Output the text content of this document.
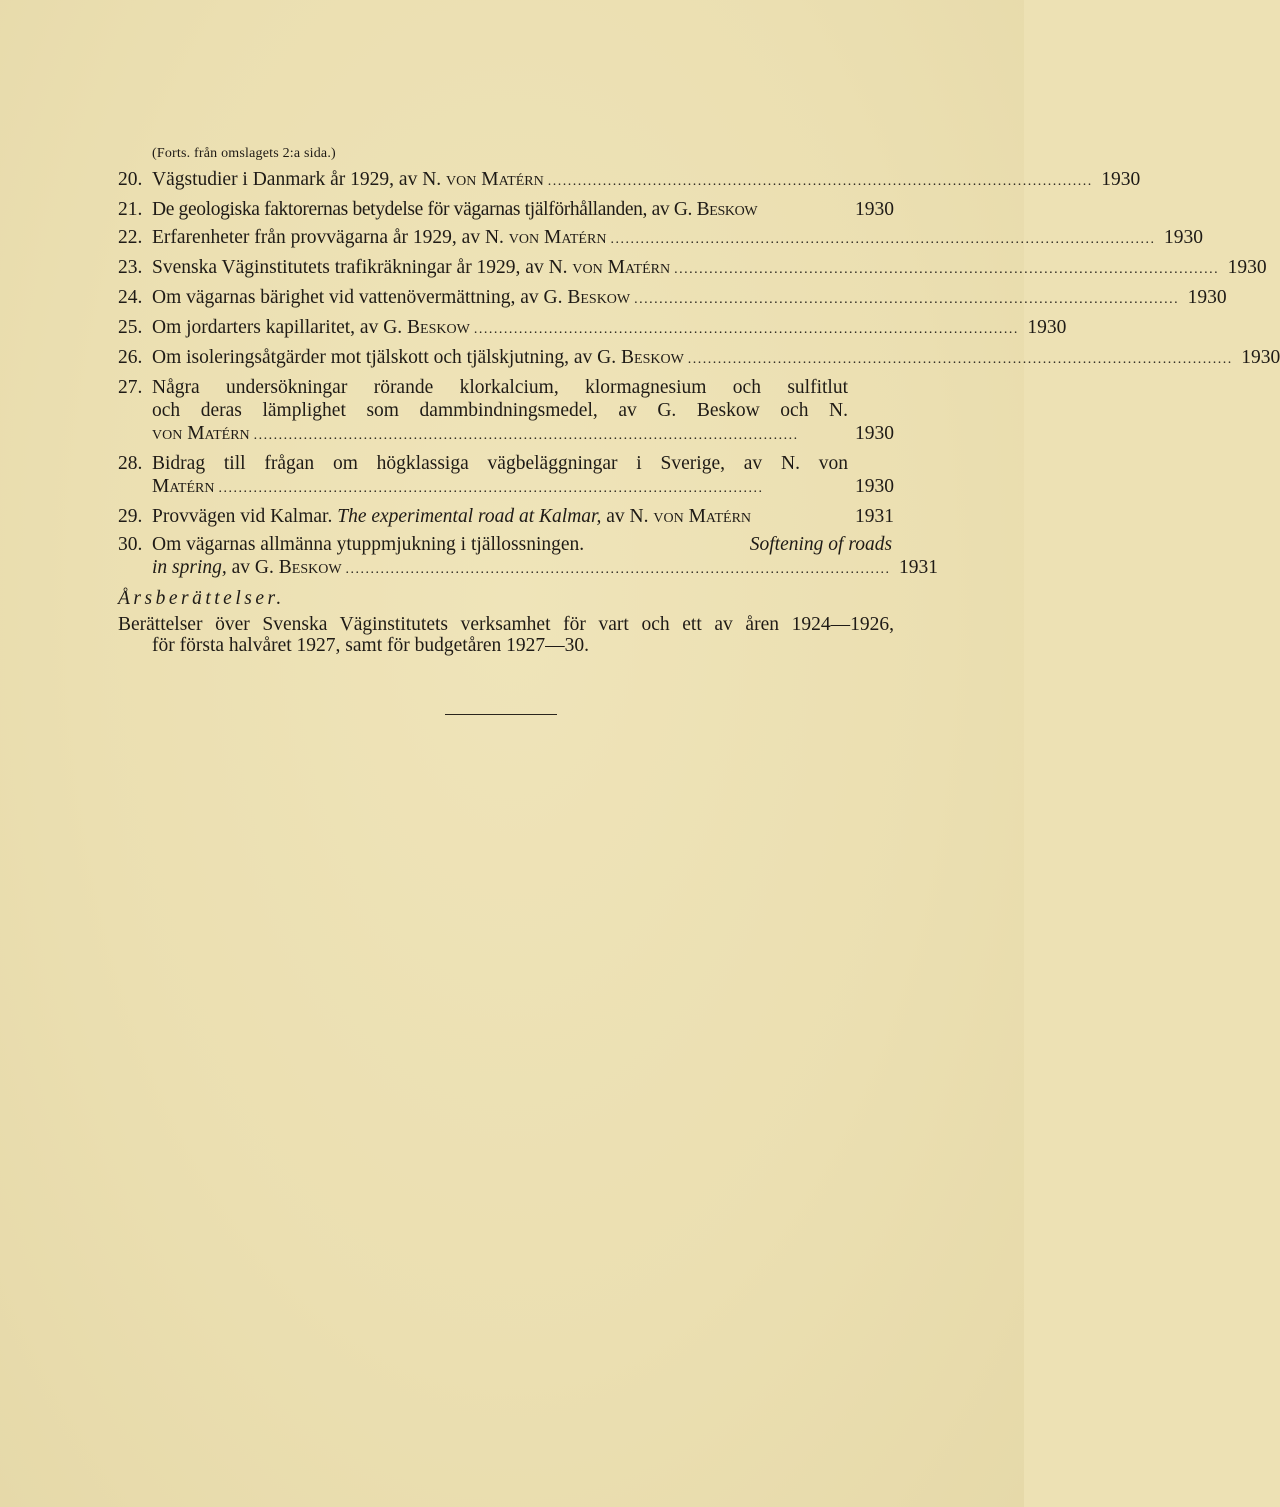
(Forts. från omslagets 2:a sida.)
20. Vägstudier i Danmark år 1929, av N. von Matérn . . .	1930
21. De geologiska faktorernas betydelse för vägarnas tjälförhållanden, av G. Beskow	1930
22. Erfarenheter från provvägarna år 1929, av N. von Matérn . . .	1930
23. Svenska Väginstitutets trafikräkningar år 1929, av N. von Matérn . . .	1930
24. Om vägarnas bärighet vid vattenövermättning, av G. Beskow . . .	1930
25. Om jordarters kapillaritet, av G. Beskow . . .	1930
26. Om isoleringsåtgärder mot tjälskott och tjälskjutning, av G. Beskow . . .	1930
27. Några undersökningar rörande klorkalcium, klormagnesium och sulfitlut
och deras lämplighet som dammbindningsmedel, av G. Beskow och N.
von Matérn . . .	1930
28. Bidrag till frågan om högklassiga vägbeläggningar i Sverige, av N. von
Matérn . . .	1930
29. Provvägen vid Kalmar. The experimental road at Kalmar, av N. von Matérn	1931
30. Om vägarnas allmänna ytuppmjukning i tjällossningen.	Softening of roads
in spring, av G. Beskow . . .	1931
Årsberättelser.
Berättelser över Svenska Väginstitutets verksamhet för vart och ett av åren 1924—1926,
för första halvåret 1927, samt för budgetåren 1927—30.
